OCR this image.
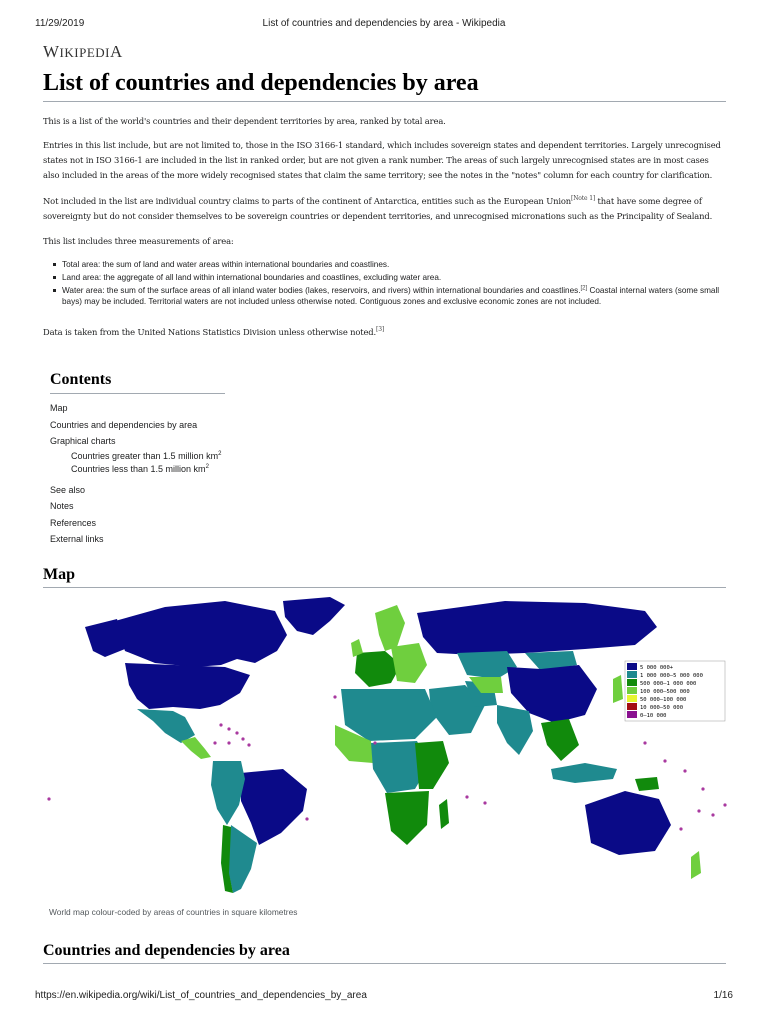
11/29/2019	List of countries and dependencies by area - Wikipedia
WIKIPEDIA
List of countries and dependencies by area

This is a list of the world's countries and their dependent territories by area, ranked by total area.

Entries in this list include, but are not limited to, those in the ISO 3166-1 standard, which includes sovereign states and dependent territories. Largely unrecognised states not in ISO 3166-1 are included in the list in ranked order, but are not given a rank number. The areas of such largely unrecognised states are in most cases also included in the areas of the more widely recognised states that claim the same territory; see the notes in the "notes" column for each country for clarification.

Not included in the list are individual country claims to parts of the continent of Antarctica, entities such as the European Union[Note 1] that have some degree of sovereignty but do not consider themselves to be sovereign countries or dependent territories, and unrecognised micronations such as the Principality of Sealand.

This list includes three measurements of area:

Total area: the sum of land and water areas within international boundaries and coastlines.
Land area: the aggregate of all land within international boundaries and coastlines, excluding water area.
Water area: the sum of the surface areas of all inland water bodies (lakes, reservoirs, and rivers) within international boundaries and coastlines.[2] Coastal internal waters (some small bays) may be included. Territorial waters are not included unless otherwise noted. Contiguous zones and exclusive economic zones are not included.

Data is taken from the United Nations Statistics Division unless otherwise noted.[3]

Contents
Map
Countries and dependencies by area
Graphical charts
Countries greater than 1.5 million $km^2$
Countries less than 1.5 million $km^2$
See also
Notes
References
External links
Map
5 000 000+
1 000 000–5 000 000
500 000–1 000 000
100 000–500 000
50 000–100 000
10 000–50 000
0–10 000
World map colour-coded by areas of countries in square kilometres
Countries and dependencies by area
https://en.wikipedia.org/wiki/List_of_countries_and_dependencies_by_area	1/16
